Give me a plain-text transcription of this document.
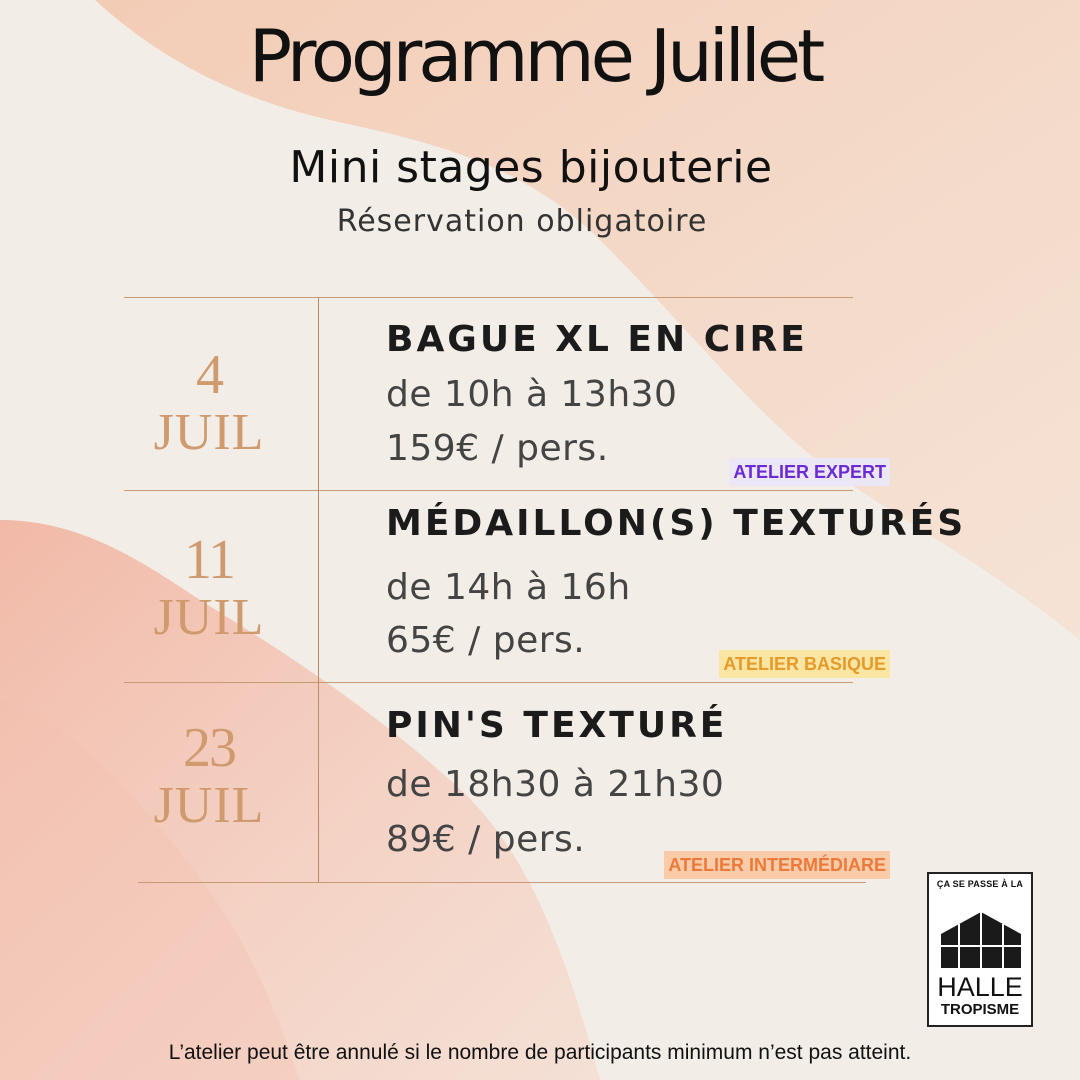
Programme Juillet
Mini stages bijouterie
Réservation obligatoire
4
JUIL
BAGUE XL EN CIRE
de 10h à 13h30
159€ / pers.
ATELIER EXPERT
11
JUIL
MÉDAILLON(S) TEXTURÉS
de 14h à 16h
65€ / pers.
ATELIER BASIQUE
23
JUIL
PIN'S TEXTURÉ
de 18h30 à 21h30
89€ / pers.
ATELIER INTERMÉDIARE
ÇA SE PASSE À LA
HALLE
TROPISME
L’atelier peut être annulé si le nombre de participants minimum n’est pas atteint.
